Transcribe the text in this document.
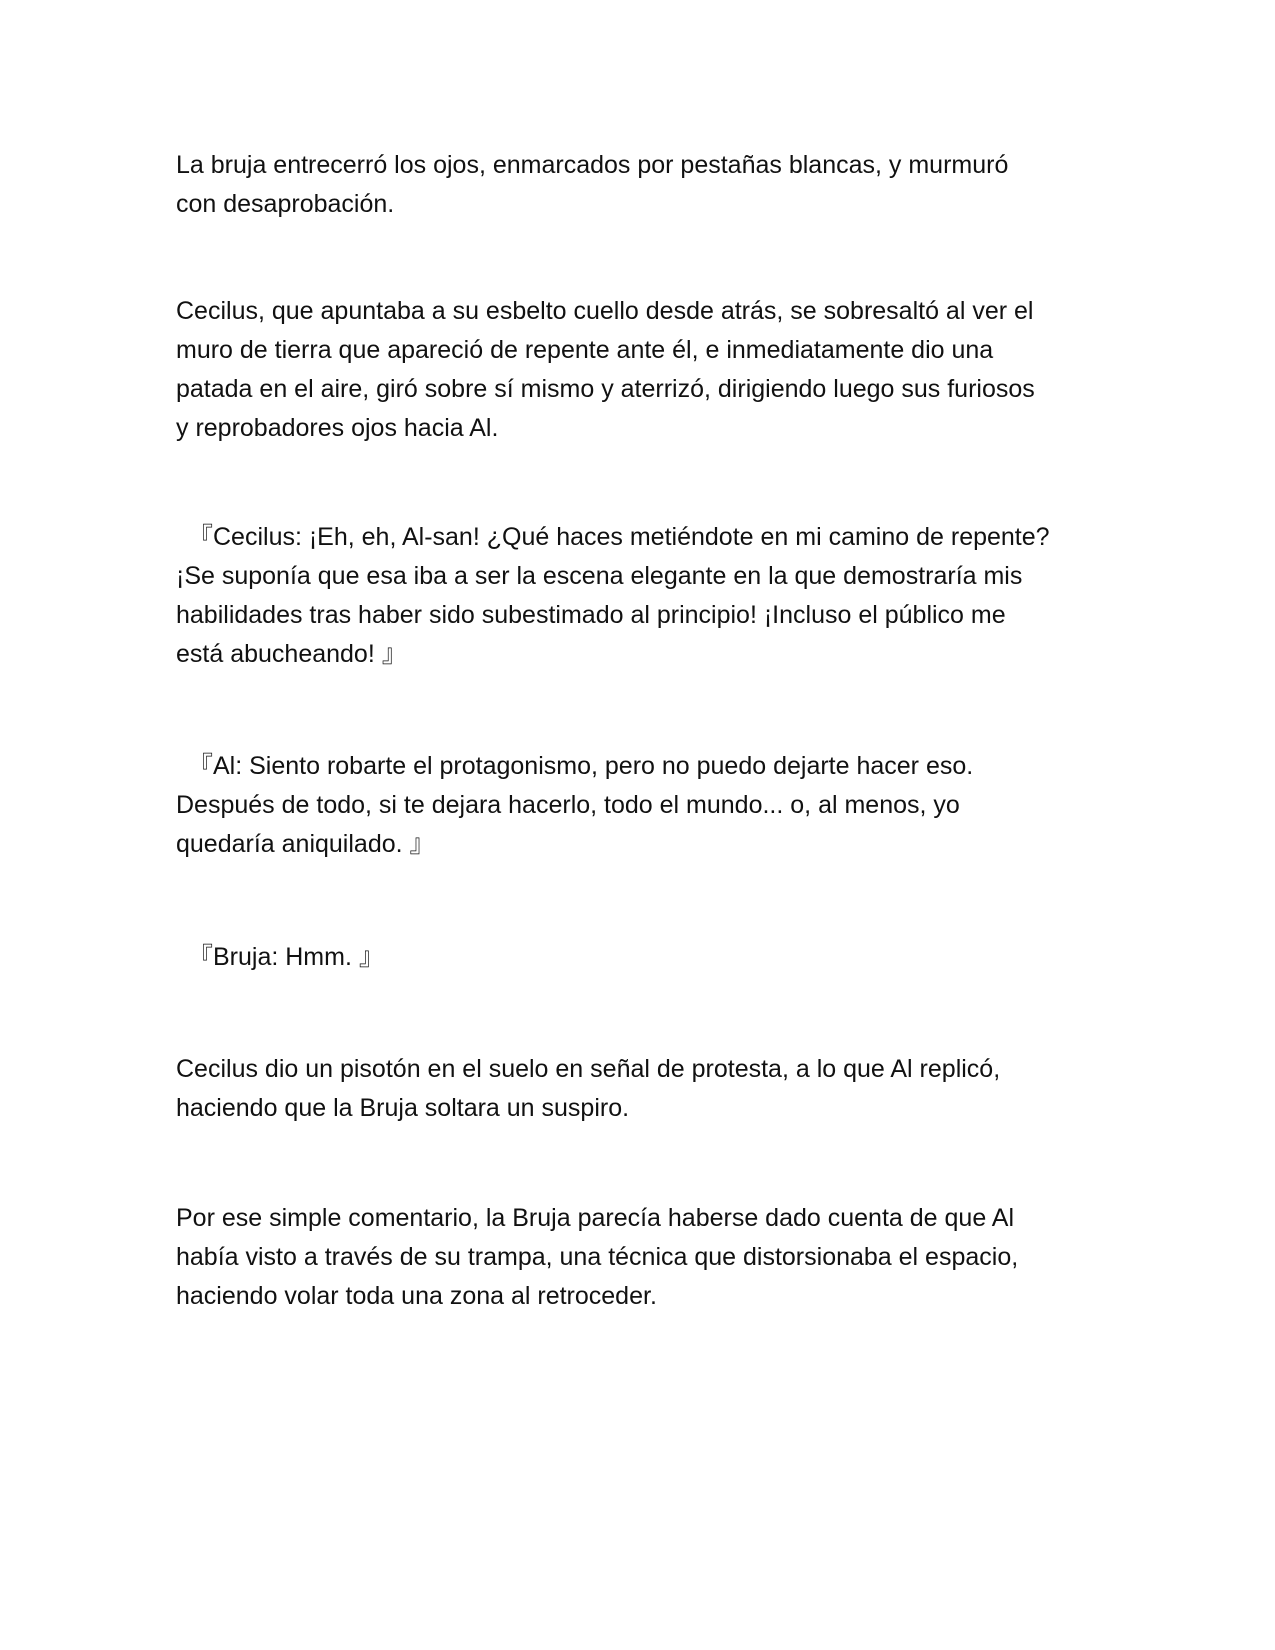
La bruja entrecerró los ojos, enmarcados por pestañas blancas, y murmuró
con desaprobación.

Cecilus, que apuntaba a su esbelto cuello desde atrás, se sobresaltó al ver el
muro de tierra que apareció de repente ante él, e inmediatamente dio una
patada en el aire, giró sobre sí mismo y aterrizó, dirigiendo luego sus furiosos
y reprobadores ojos hacia Al.

『Cecilus: ¡Eh, eh, Al-san! ¿Qué haces metiéndote en mi camino de repente?
¡Se suponía que esa iba a ser la escena elegante en la que demostraría mis
habilidades tras haber sido subestimado al principio! ¡Incluso el público me
está abucheando! 』

『Al: Siento robarte el protagonismo, pero no puedo dejarte hacer eso.
Después de todo, si te dejara hacerlo, todo el mundo... o, al menos, yo
quedaría aniquilado. 』

『Bruja: Hmm. 』

Cecilus dio un pisotón en el suelo en señal de protesta, a lo que Al replicó,
haciendo que la Bruja soltara un suspiro.

Por ese simple comentario, la Bruja parecía haberse dado cuenta de que Al
había visto a través de su trampa, una técnica que distorsionaba el espacio,
haciendo volar toda una zona al retroceder.
